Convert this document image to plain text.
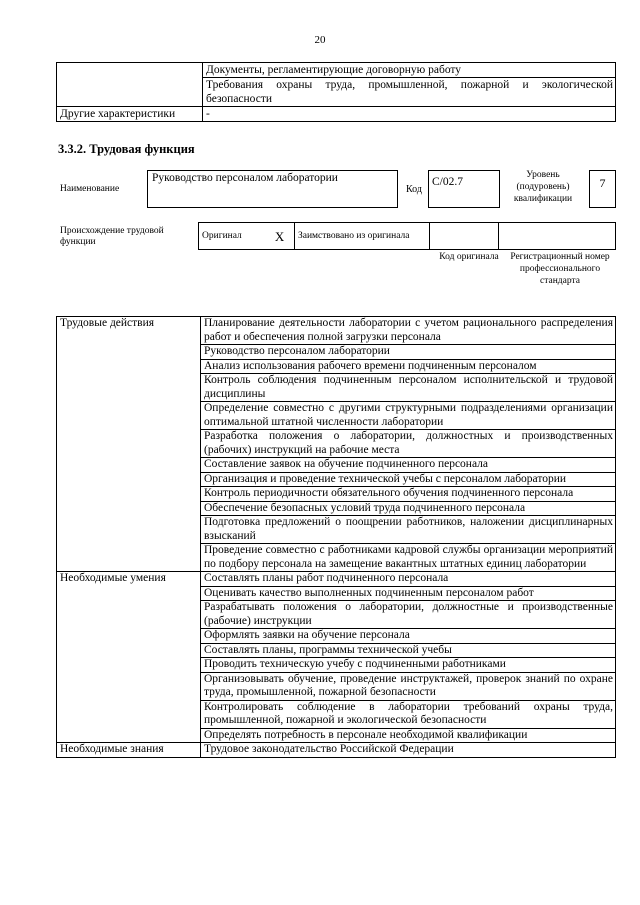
20
	Документы, регламентирующие договорную работу
	Требования охраны труда, промышленной, пожарной и экологической безопасности
Другие характеристики	-
3.3.2. Трудовая функция
Наименование
Руководство персоналом лаборатории
Код
C/02.7
Уровень (подуровень) квалификации
7
Происхождение трудовой функции
Оригинал	X	Заимствовано из оригинала		
Код оригинала	Регистрационный номер профессионального стандарта
Трудовые действия	Планирование деятельности лаборатории с учетом рационального распределения работ и обеспечения полной загрузки персонала
	Руководство персоналом лаборатории
	Анализ использования рабочего времени подчиненным персоналом
	Контроль соблюдения подчиненным персоналом исполнительской и трудовой дисциплины
	Определение совместно с другими структурными подразделениями организации оптимальной штатной численности лаборатории
	Разработка положения о лаборатории, должностных и производственных (рабочих) инструкций на рабочие места
	Составление заявок на обучение подчиненного персонала
	Организация и проведение технической учебы с персоналом лаборатории
	Контроль периодичности обязательного обучения подчиненного персонала
	Обеспечение безопасных условий труда подчиненного персонала
	Подготовка предложений о поощрении работников, наложении дисциплинарных взысканий
	Проведение совместно с работниками кадровой службы организации мероприятий по подбору персонала на замещение вакантных штатных единиц лаборатории
Необходимые умения	Составлять планы работ подчиненного персонала
	Оценивать качество выполненных подчиненным персоналом работ
	Разрабатывать положения о лаборатории, должностные и производственные (рабочие) инструкции
	Оформлять заявки на обучение персонала
	Составлять планы, программы технической учебы
	Проводить техническую учебу с подчиненными работниками
	Организовывать обучение, проведение инструктажей, проверок знаний по охране труда, промышленной, пожарной безопасности
	Контролировать соблюдение в лаборатории требований охраны труда, промышленной, пожарной и экологической безопасности
	Определять потребность в персонале необходимой квалификации
Необходимые знания	Трудовое законодательство Российской Федерации
